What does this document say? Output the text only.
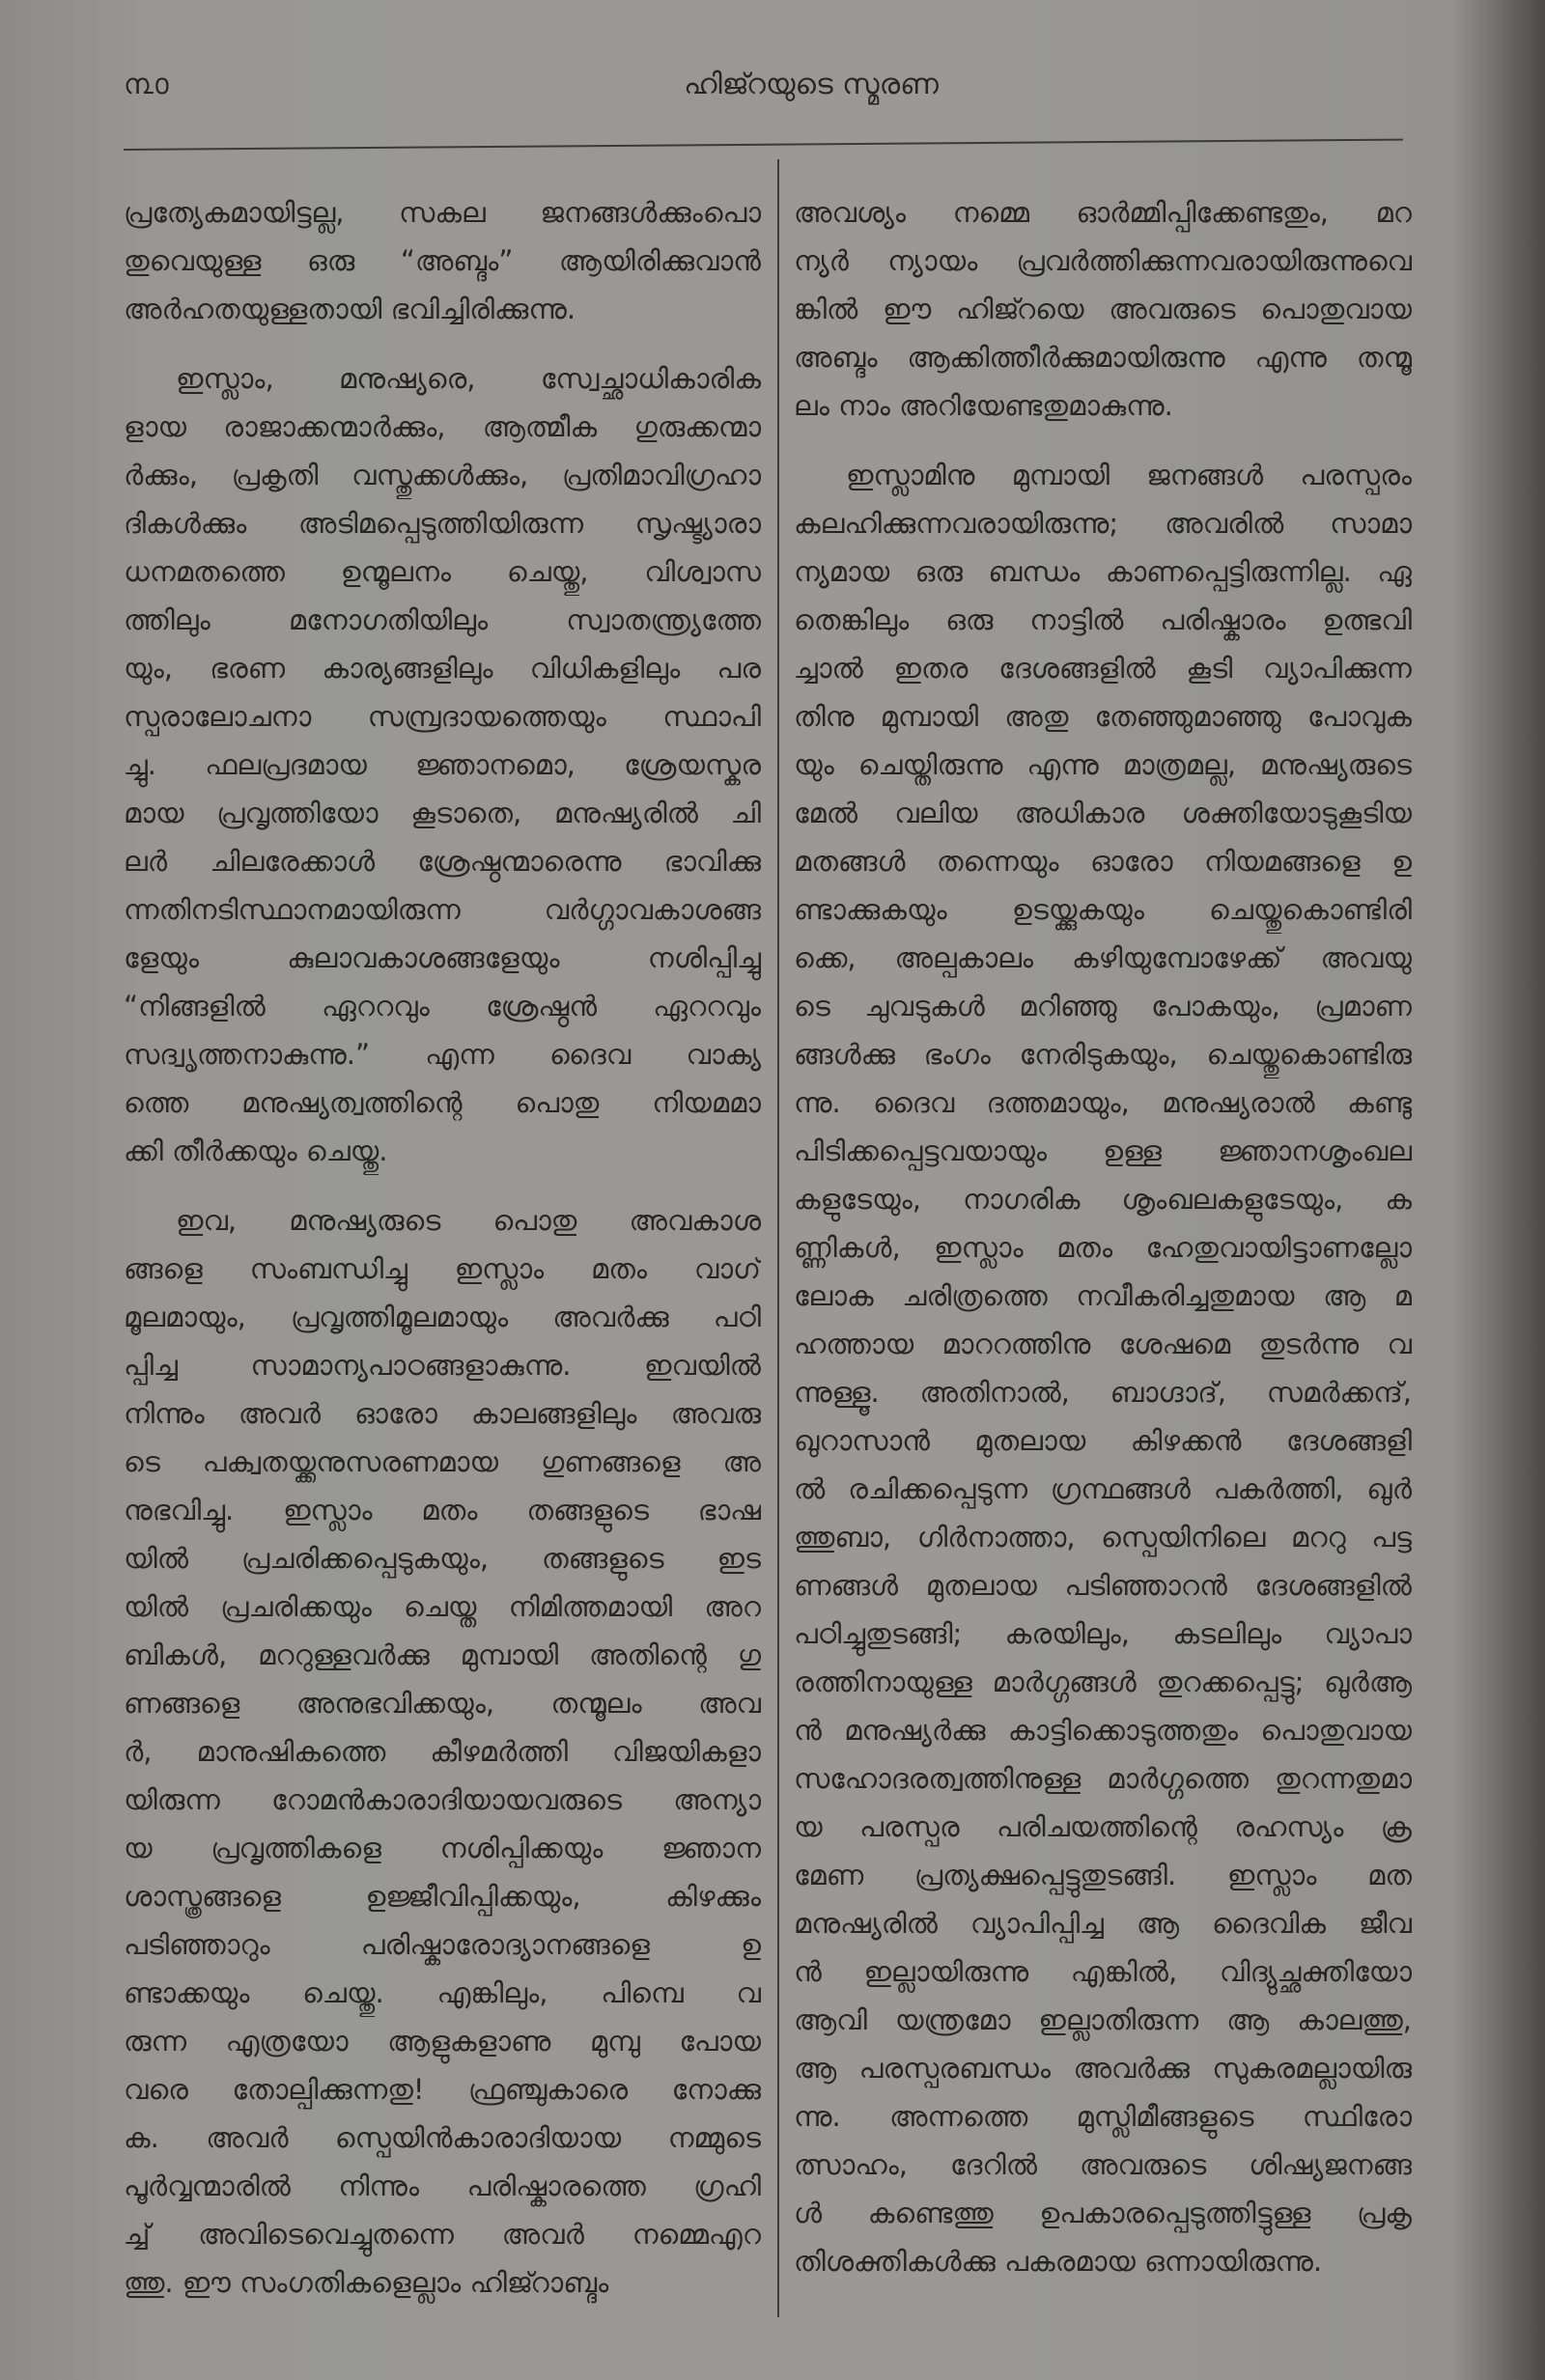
൩൦	ഹിജ്റയുടെ സ്മരണ
പ്രത്യേകമായിട്ടല്ല, സകല ജനങ്ങൾക്കുംപൊ
തുവെയുള്ള ഒരു “അബ്ദം” ആയിരിക്കുവാൻ
അർഹതയുള്ളതായി ഭവിച്ചിരിക്കുന്നു.
ഇസ്ലാം, മനുഷ്യരെ, സ്വേച്ഛാധികാരിക
ളായ രാജാക്കന്മാർക്കും, ആത്മീക ഗുരുക്കന്മാ
ർക്കും, പ്രകൃതി വസ്തുക്കൾക്കും, പ്രതിമാവിഗ്രഹാ
ദികൾക്കും അടിമപ്പെടുത്തിയിരുന്ന സൃഷ്ട്യാരാ
ധനമതത്തെ ഉന്മൂലനം ചെയ്തു, വിശ്വാസ
ത്തിലും മനോഗതിയിലും സ്വാതന്ത്ര്യത്തേ
യും, ഭരണ കാര്യങ്ങളിലും വിധികളിലും പര
സ്പരാലോചനാ സമ്പ്രദായത്തെയും സ്ഥാപി
ച്ചു. ഫലപ്രദമായ ജ്ഞാനമൊ, ശ്രേയസ്കര
മായ പ്രവൃത്തിയോ കൂടാതെ, മനുഷ്യരിൽ ചി
ലർ ചിലരേക്കാൾ ശ്രേഷ്ഠന്മാരെന്നു ഭാവിക്കു
ന്നതിനടിസ്ഥാനമായിരുന്ന വർഗ്ഗാവകാശങ്ങ
ളേയും കുലാവകാശങ്ങളേയും നശിപ്പിച്ചു
“നിങ്ങളിൽ ഏററവും ശ്രേഷ്ഠൻ ഏററവും
സദ്വൃത്തനാകുന്നു.” എന്ന ദൈവ വാക്യ
ത്തെ മനുഷ്യത്വത്തിന്റെ പൊതു നിയമമാ
ക്കി തീർക്കയും ചെയ്തു.
ഇവ, മനുഷ്യരുടെ പൊതു അവകാശ
ങ്ങളെ സംബന്ധിച്ചു ഇസ്ലാം മതം വാഗ്
മൂലമായും, പ്രവൃത്തിമൂലമായും അവർക്കു പഠി
പ്പിച്ച സാമാന്യപാഠങ്ങളാകുന്നു. ഇവയിൽ
നിന്നും അവർ ഓരോ കാലങ്ങളിലും അവരു
ടെ പക്വതയ്ക്കനുസരണമായ ഗുണങ്ങളെ അ
നുഭവിച്ചു. ഇസ്ലാം മതം തങ്ങളുടെ ഭാഷ
യിൽ പ്രചരിക്കപ്പെടുകയും, തങ്ങളുടെ ഇട
യിൽ പ്രചരിക്കയും ചെയ്ത നിമിത്തമായി അറ
ബികൾ, മററുള്ളവർക്കു മുമ്പായി അതിന്റെ ഗു
ണങ്ങളെ അനുഭവിക്കയും, തന്മൂലം അവ
ർ, മാനുഷികത്തെ കീഴമർത്തി വിജയികളാ
യിരുന്ന റോമൻകാരാദിയായവരുടെ അന്യാ
യ പ്രവൃത്തികളെ നശിപ്പിക്കയും ജ്ഞാന
ശാസ്ത്രങ്ങളെ ഉജ്ജീവിപ്പിക്കയും, കിഴക്കും
പടിഞ്ഞാറും പരിഷ്കാരോദ്യാനങ്ങളെ ഉ
ണ്ടാക്കയും ചെയ്തു. എങ്കിലും, പിമ്പെ വ
രുന്ന എത്രയോ ആളുകളാണു മുമ്പു പോയ
വരെ തോല്പിക്കുന്നതു! ഫ്രഞ്ചുകാരെ നോക്കു
ക. അവർ സ്പെയിൻകാരാദിയായ നമ്മുടെ
പൂർവ്വന്മാരിൽ നിന്നും പരിഷ്കാരത്തെ ഗ്രഹി
ച്ച് അവിടെവെച്ചുതന്നെ അവർ നമ്മെഎറ
ത്തു. ഈ സംഗതികളെല്ലാം ഹിജ്റാബ്ദം
അവശ്യം നമ്മെ ഓർമ്മിപ്പിക്കേണ്ടതും, മറ
ന്യർ ന്യായം പ്രവർത്തിക്കുന്നവരായിരുന്നുവെ
ങ്കിൽ ഈ ഹിജ്റയെ അവരുടെ പൊതുവായ
അബ്ദം ആക്കിത്തീർക്കുമായിരുന്നു എന്നു തന്മൂ
ലം നാം അറിയേണ്ടതുമാകുന്നു.
ഇസ്ലാമിനു മുമ്പായി ജനങ്ങൾ പരസ്പരം
കലഹിക്കുന്നവരായിരുന്നു; അവരിൽ സാമാ
ന്യമായ ഒരു ബന്ധം കാണപ്പെട്ടിരുന്നില്ല. ഏ
തെങ്കിലും ഒരു നാട്ടിൽ പരിഷ്കാരം ഉത്ഭവി
ച്ചാൽ ഇതര ദേശങ്ങളിൽ കൂടി വ്യാപിക്കുന്ന
തിനു മുമ്പായി അതു തേഞ്ഞുമാഞ്ഞു പോവുക
യും ചെയ്തിരുന്നു എന്നു മാത്രമല്ല, മനുഷ്യരുടെ
മേൽ വലിയ അധികാര ശക്തിയോടുകൂടിയ
മതങ്ങൾ തന്നെയും ഓരോ നിയമങ്ങളെ ഉ
ണ്ടാക്കുകയും ഉടയ്ക്കുകയും ചെയ്തുകൊണ്ടിരി
ക്കെ, അല്പകാലം കഴിയുമ്പോഴേക്ക് അവയു
ടെ ചുവടുകൾ മറിഞ്ഞു പോകയും, പ്രമാണ
ങ്ങൾക്കു ഭംഗം നേരിടുകയും, ചെയ്തുകൊണ്ടിരു
ന്നു. ദൈവ ദത്തമായും, മനുഷ്യരാൽ കണ്ടു
പിടിക്കപ്പെട്ടവയായും ഉള്ള ജ്ഞാനശൃംഖല
കളുടേയും, നാഗരിക ശൃംഖലകളുടേയും, ക
ണ്ണികൾ, ഇസ്ലാം മതം ഹേതുവായിട്ടാണല്ലോ
ലോക ചരിത്രത്തെ നവീകരിച്ചതുമായ ആ മ
ഹത്തായ മാററത്തിനു ശേഷമെ തുടർന്നു വ
ന്നുള്ളൂ. അതിനാൽ, ബാഗ്ദാദ്, സമർക്കന്ദ്,
ഖുറാസാൻ മുതലായ കിഴക്കൻ ദേശങ്ങളി
ൽ രചിക്കപ്പെടുന്ന ഗ്രന്ഥങ്ങൾ പകർത്തി, ഖുർ
ത്തുബാ, ഗിർനാത്താ, സ്പെയിനിലെ മററു പട്ട
ണങ്ങൾ മുതലായ പടിഞ്ഞാറൻ ദേശങ്ങളിൽ
പഠിച്ചുതുടങ്ങി; കരയിലും, കടലിലും വ്യാപാ
രത്തിനായുള്ള മാർഗ്ഗങ്ങൾ തുറക്കപ്പെട്ടു; ഖുർആ
ൻ മനുഷ്യർക്കു കാട്ടിക്കൊടുത്തതും പൊതുവായ
സഹോദരത്വത്തിനുള്ള മാർഗ്ഗത്തെ തുറന്നതുമാ
യ പരസ്പര പരിചയത്തിന്റെ രഹസ്യം ക്ര
മേണ പ്രത്യക്ഷപ്പെട്ടുതുടങ്ങി. ഇസ്ലാം മത
മനുഷ്യരിൽ വ്യാപിപ്പിച്ച ആ ദൈവിക ജീവ
ൻ ഇല്ലായിരുന്നു എങ്കിൽ, വിദ്യുച്ഛക്തിയോ
ആവി യന്ത്രമോ ഇല്ലാതിരുന്ന ആ കാലത്തു,
ആ പരസ്പരബന്ധം അവർക്കു സുകരമല്ലായിരു
ന്നു. അന്നത്തെ മുസ്ലിമീങ്ങളുടെ സ്ഥിരോ
ത്സാഹം, ദേറിൽ അവരുടെ ശിഷ്യജനങ്ങ
ൾ കണ്ടെത്തു ഉപകാരപ്പെടുത്തിട്ടുള്ള പ്രകൃ
തിശക്തികൾക്കു പകരമായ ഒന്നായിരുന്നു.
